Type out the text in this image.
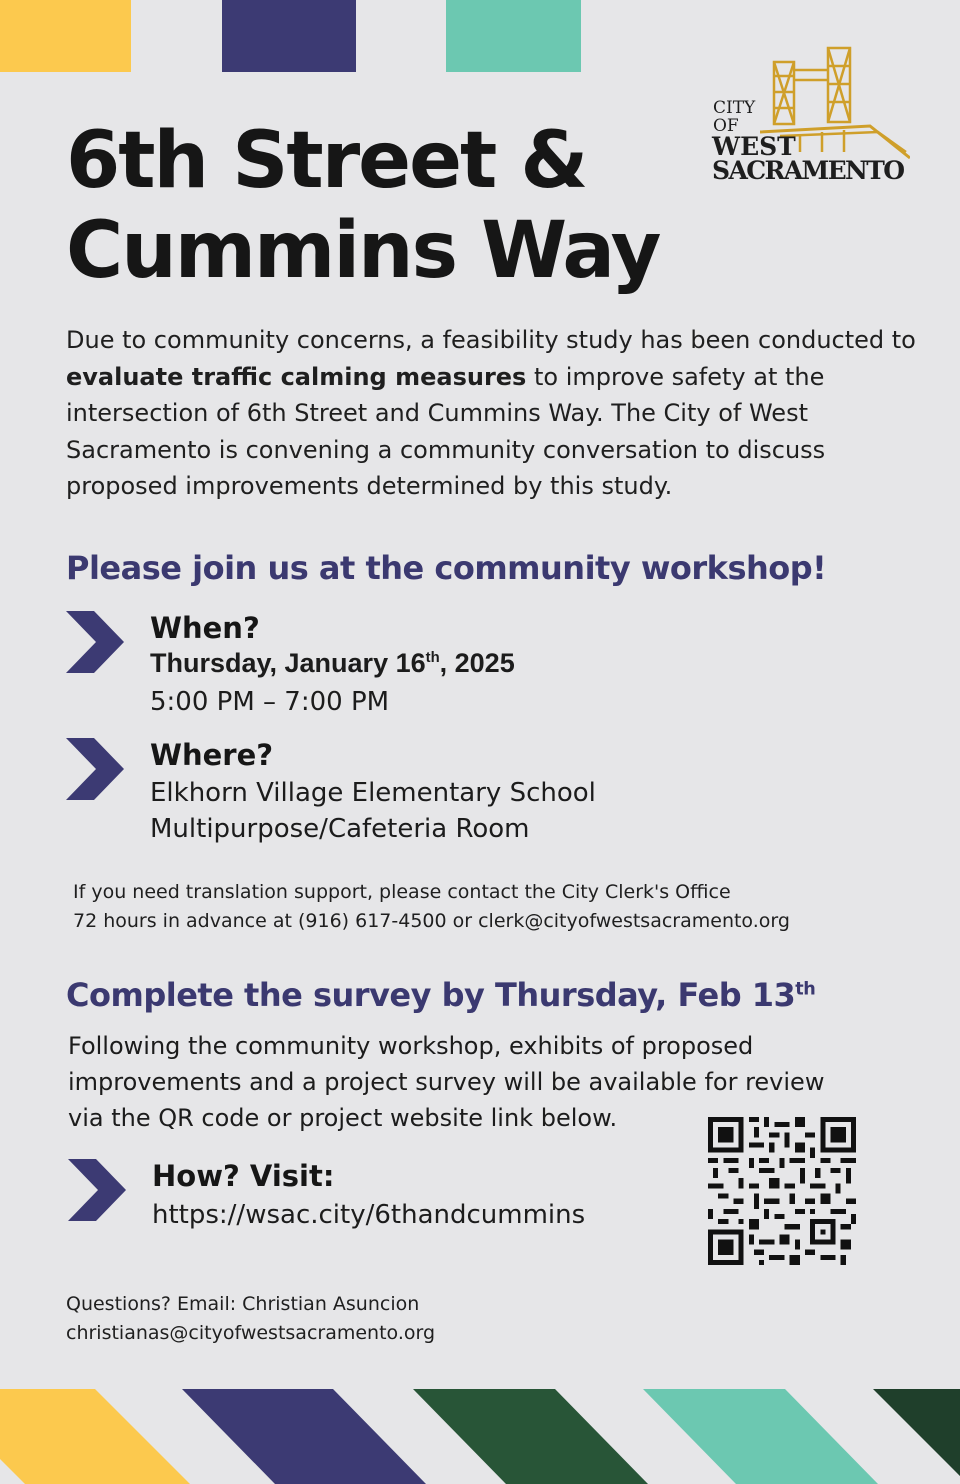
CITY
OF
WEST
SACRAMENTO
6th Street &
Cummins Way
Due to community concerns, a feasibility study has been conducted to evaluate traffic calming measures to improve safety at the intersection of 6th Street and Cummins Way. The City of West Sacramento is convening a community conversation to discuss proposed improvements determined by this study.
Please join us at the community workshop!
When?
Thursday, January 16th, 2025
5:00 PM – 7:00 PM
Where?
Elkhorn Village Elementary School
Multipurpose/Cafeteria Room
If you need translation support, please contact the City Clerk's Office
72 hours in advance at (916) 617-4500 or clerk@cityofwestsacramento.org
Complete the survey by Thursday, Feb 13th
Following the community workshop, exhibits of proposed
improvements and a project survey will be available for review
via the QR code or project website link below.
How? Visit:
https://wsac.city/6thandcummins
Questions? Email: Christian Asuncion
christianas@cityofwestsacramento.org
